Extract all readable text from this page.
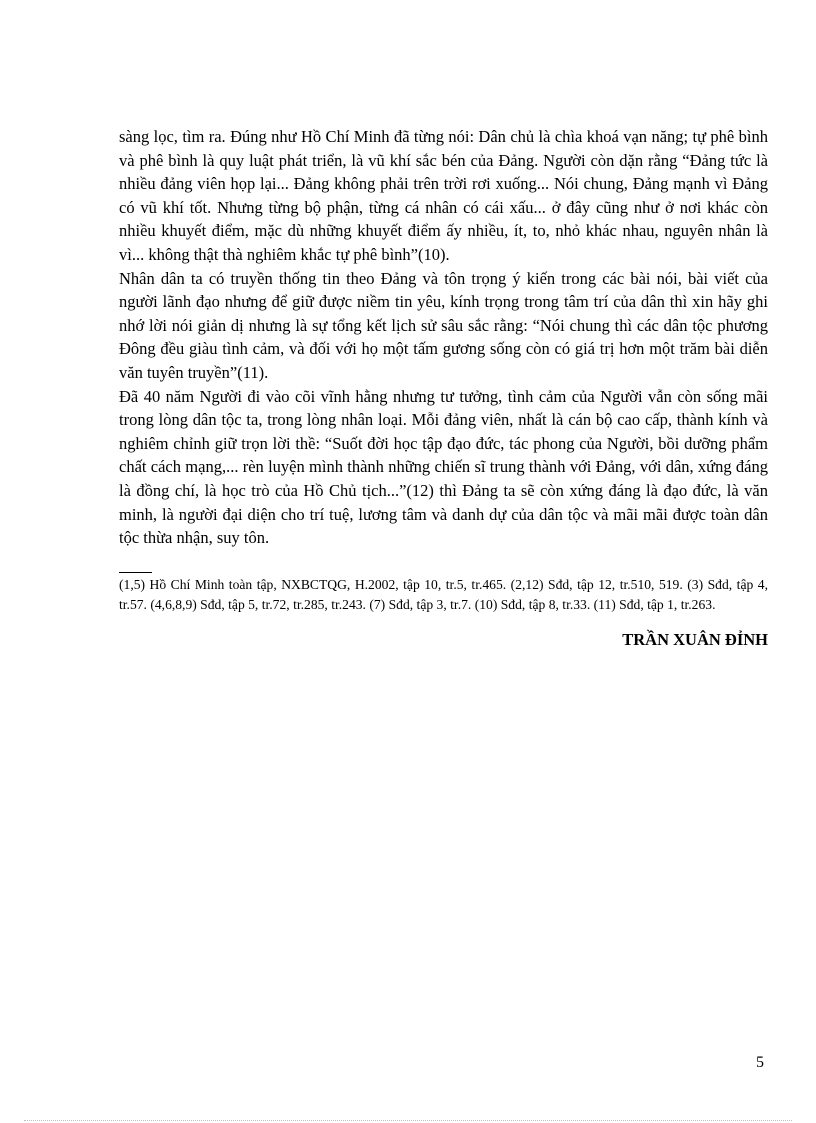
sàng lọc, tìm ra. Đúng như Hồ Chí Minh đã từng nói: Dân chủ là chìa khoá vạn năng; tự phê bình và phê bình là quy luật phát triển, là vũ khí sắc bén của Đảng. Người còn dặn rằng “Đảng tức là nhiều đảng viên họp lại... Đảng không phải trên trời rơi xuống... Nói chung, Đảng mạnh vì Đảng có vũ khí tốt. Nhưng từng bộ phận, từng cá nhân có cái xấu... ở đây cũng như ở nơi khác còn nhiều khuyết điểm, mặc dù những khuyết điểm ấy nhiều, ít, to, nhỏ khác nhau, nguyên nhân là vì... không thật thà nghiêm khắc tự phê bình”(10).

Nhân dân ta có truyền thống tin theo Đảng và tôn trọng ý kiến trong các bài nói, bài viết của người lãnh đạo nhưng để giữ được niềm tin yêu, kính trọng trong tâm trí của dân thì xin hãy ghi nhớ lời nói giản dị nhưng là sự tổng kết lịch sử sâu sắc rằng: “Nói chung thì các dân tộc phương Đông đều giàu tình cảm, và đối với họ một tấm gương sống còn có giá trị hơn một trăm bài diễn văn tuyên truyền”(11).

Đã 40 năm Người đi vào cõi vĩnh hằng nhưng tư tưởng, tình cảm của Người vẫn còn sống mãi trong lòng dân tộc ta, trong lòng nhân loại. Mỗi đảng viên, nhất là cán bộ cao cấp, thành kính và nghiêm chỉnh giữ trọn lời thề: “Suốt đời học tập đạo đức, tác phong của Người, bồi dưỡng phẩm chất cách mạng,... rèn luyện mình thành những chiến sĩ trung thành với Đảng, với dân, xứng đáng là đồng chí, là học trò của Hồ Chủ tịch...”(12) thì Đảng ta sẽ còn xứng đáng là đạo đức, là văn minh, là người đại diện cho trí tuệ, lương tâm và danh dự của dân tộc và mãi mãi được toàn dân tộc thừa nhận, suy tôn.

(1,5) Hồ Chí Minh toàn tập, NXBCTQG, H.2002, tập 10, tr.5, tr.465. (2,12) Sđd, tập 12, tr.510, 519. (3) Sđd, tập 4, tr.57. (4,6,8,9) Sđd, tập 5, tr.72, tr.285, tr.243. (7) Sđd, tập 3, tr.7. (10) Sđd, tập 8, tr.33. (11) Sđd, tập 1, tr.263.

TRẦN XUÂN ĐỈNH

5
